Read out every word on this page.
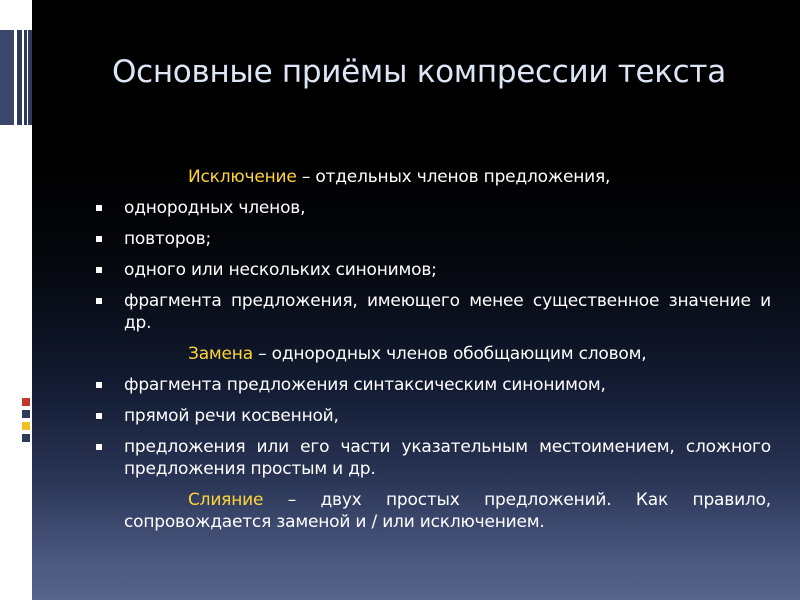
Основные приёмы компрессии текста

Исключение – отдельных членов предложения,

однородных членов,
повторов;
одного или нескольких синонимов;
фрагмента предложения, имеющего менее существенное значение и др.

Замена – однородных членов обобщающим словом,

фрагмента предложения синтаксическим синонимом,
прямой речи косвенной,
предложения или его части указательным местоимением, сложного предложения простым и др.

Слияние – двух простых предложений. Как правило, сопровождается заменой и / или исключением.
